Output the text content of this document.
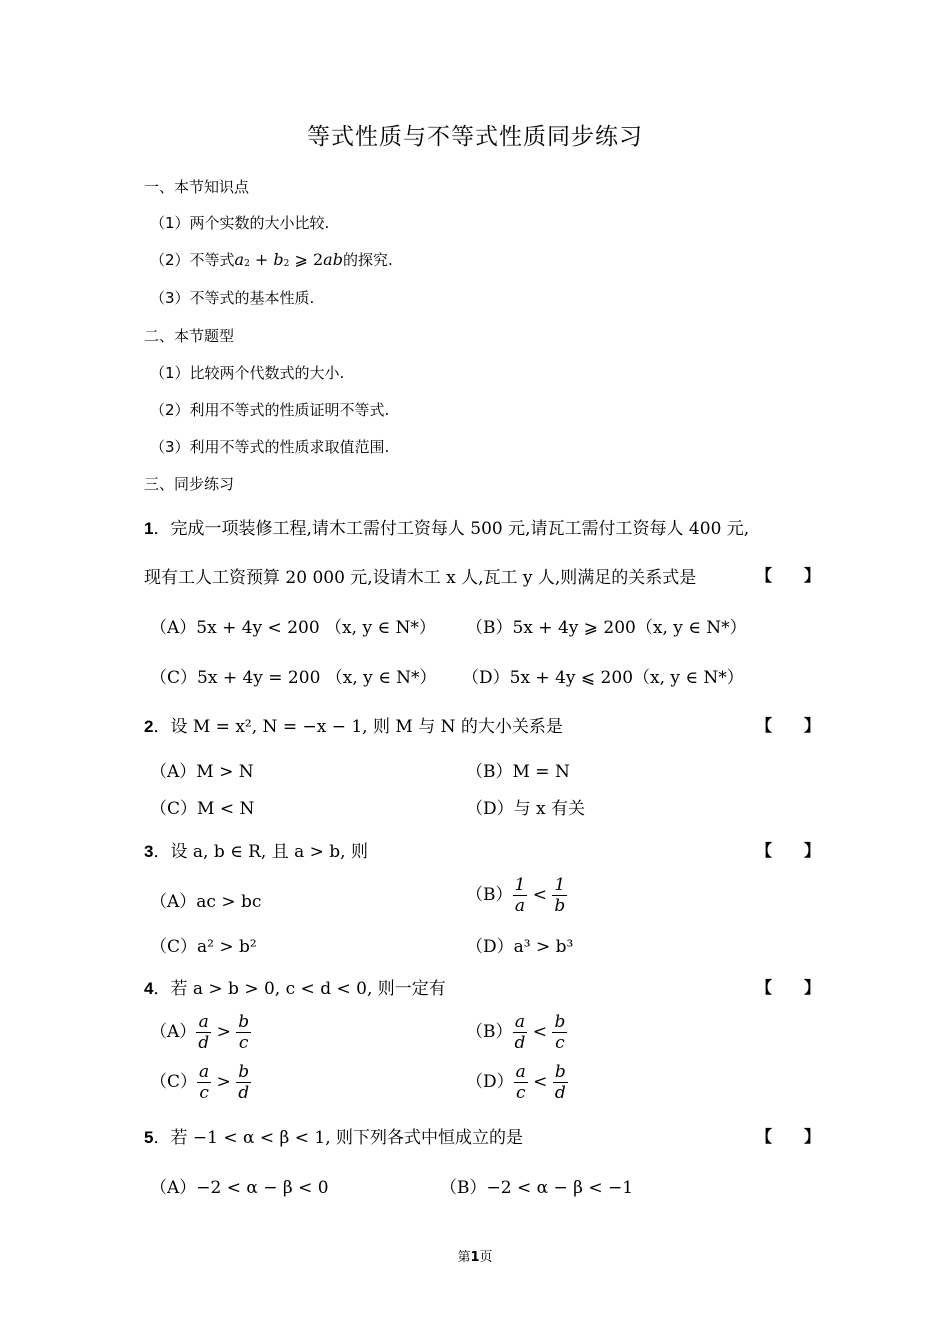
等式性质与不等式性质同步练习
一、本节知识点
（1）两个实数的大小比较.
（2）不等式$a^2 + b^2$ ⩾ 2ab的探究.
（3）不等式的基本性质.
二、本节题型
（1）比较两个代数式的大小.
（2）利用不等式的性质证明不等式.
（3）利用不等式的性质求取值范围.
三、同步练习
1．完成一项装修工程,请木工需付工资每人 500 元,请瓦工需付工资每人 400 元,
现有工人工资预算 20 000 元,设请木工 x 人,瓦工 y 人,则满足的关系式是	【　　】
（A）5x + 4y < 200 （x, y ∈ N*） （B）5x + 4y ⩾ 200（x, y ∈ N*）
（C）5x + 4y = 200 （x, y ∈ N*） （D）5x + 4y ⩽ 200（x, y ∈ N*）
2．设 M = x², N = −x − 1, 则 M 与 N 的大小关系是	【　　】
（A）M > N	（B）M = N
（C）M < N	（D）与 x 有关
3．设 a, b ∈ R, 且 a > b, 则	【　　】
（A）ac > bc	$(B) \frac{1}{a} < \frac{1}{b}$
（C）a² > b²	（D）a³ > b³
4．若 a > b > 0, c < d < 0, 则一定有	【　　】
$(A) \frac{a}{d} > \frac{b}{c}$	$(B) \frac{a}{d} < \frac{b}{c}$
$(C) \frac{a}{c} > \frac{b}{d}$	$(D) \frac{a}{c} < \frac{b}{d}$
5．若 −1 < α < β < 1, 则下列各式中恒成立的是	【　　】
（A）−2 < α − β < 0	（B）−2 < α − β < −1
第1页
